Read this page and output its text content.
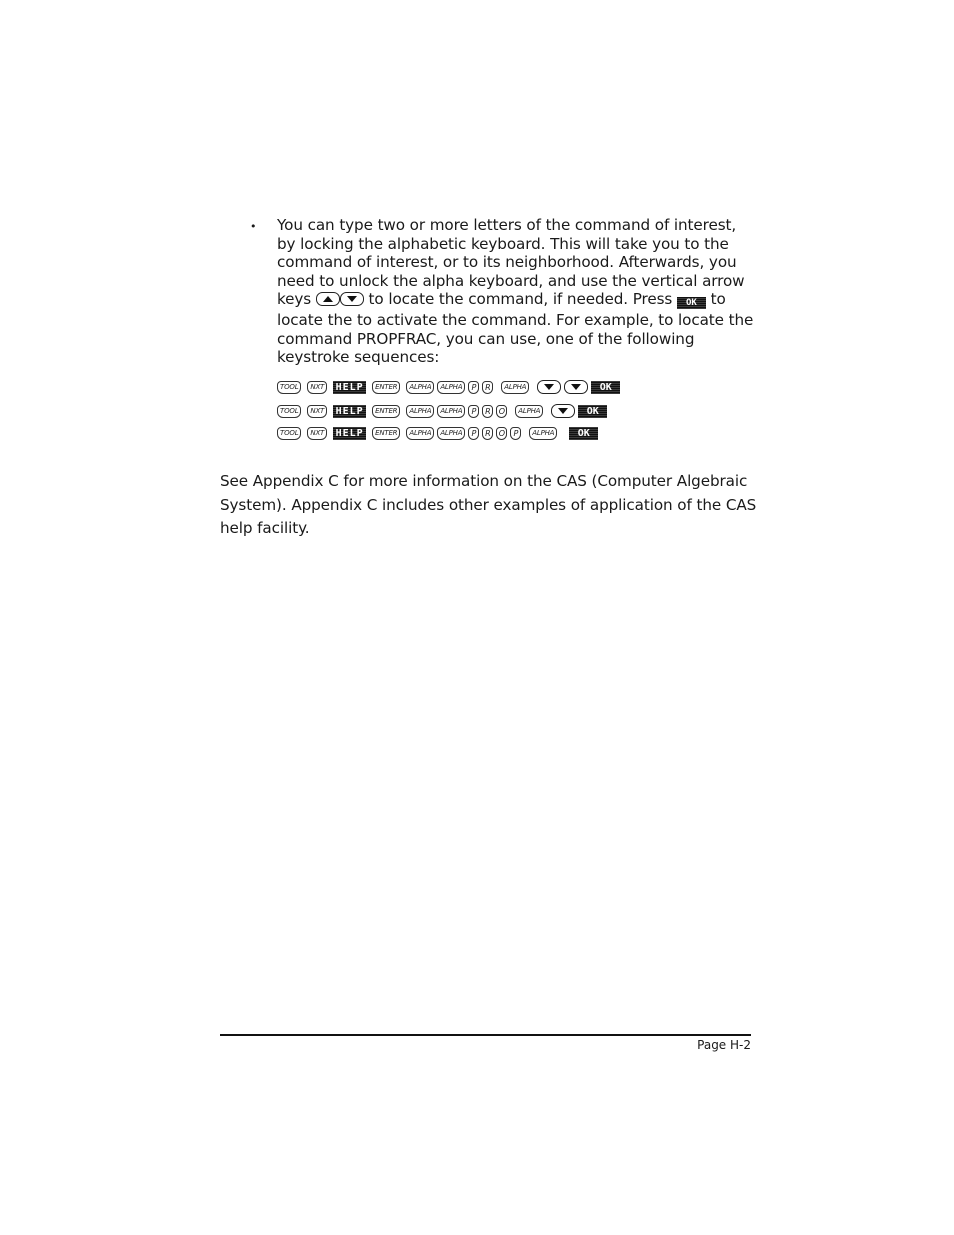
• You can type two or more letters of the command of interest, by locking the alphabetic keyboard. This will take you to the command of interest, or to its neighborhood. Afterwards, you need to unlock the alpha keyboard, and use the vertical arrow keys	to locate the command, if needed. Press OK to locate the to activate the command. For example, to locate the command PROPFRAC, you can use, one of the following keystroke sequences:
TOOL NXT HELP ENTER ALPHA ALPHA P R ALPHA	OK
TOOL NXT HELP ENTER ALPHA ALPHA P R O ALPHA	OK
TOOL NXT HELP ENTER ALPHA ALPHA P R O P ALPHA OK
See Appendix C for more information on the CAS (Computer Algebraic System). Appendix C includes other examples of application of the CAS help facility.
Page H-2
